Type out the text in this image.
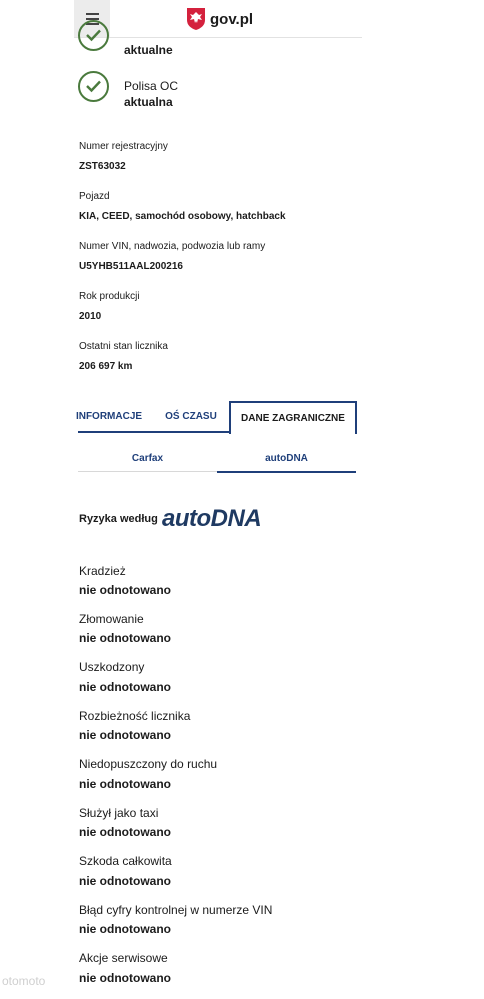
gov.pl
aktualne
Polisa OC
aktualna
Numer rejestracyjny
ZST63032
Pojazd
KIA, CEED, samochód osobowy, hatchback
Numer VIN, nadwozia, podwozia lub ramy
U5YHB511AAL200216
Rok produkcji
2010
Ostatni stan licznika
206 697 km
INFORMACJE	OŚ CZASU	DANE ZAGRANICZNE
Carfax	autoDNA
Ryzyka według autoDNA
Kradzież
nie odnotowano
Złomowanie
nie odnotowano
Uszkodzony
nie odnotowano
Rozbieżność licznika
nie odnotowano
Niedopuszczony do ruchu
nie odnotowano
Służył jako taxi
nie odnotowano
Szkoda całkowita
nie odnotowano
Błąd cyfry kontrolnej w numerze VIN
nie odnotowano
Akcje serwisowe
nie odnotowano
otomoto
